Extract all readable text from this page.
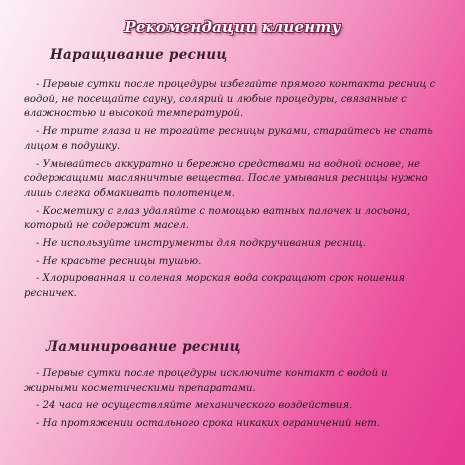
Рекомендации клиенту
Наращивание ресниц
- Первые сутки после процедуры избегайте прямого контакта ресниц с водой, не посещайте сауну, солярий и любые процедуры, связанные с влажностью и высокой температурой.
- Не трите глаза и не трогайте ресницы руками, старайтесь не спать лицом в подушку.
- Умывайтесь аккуратно и бережно средствами на водной основе, не содержащими масляничтые вещества. После умывания ресницы нужно лишь слегка обмакивать полотенцем.
- Косметику с глаз удаляйте с помощью ватных палочек и лосьона, который не содержит масел.
- Не используйте инструменты для подкручивания ресниц.
- Не красьте ресницы тушью.
- Хлорированная и соленая морская вода сокращают срок ношения ресничек.
Ламинирование ресниц
- Первые сутки после процедуры исключите контакт с водой и жирными косметическими препаратами.
- 24 часа не осуществляйте механического воздействия.
- На протяжении остального срока никаких ограничений нет.
